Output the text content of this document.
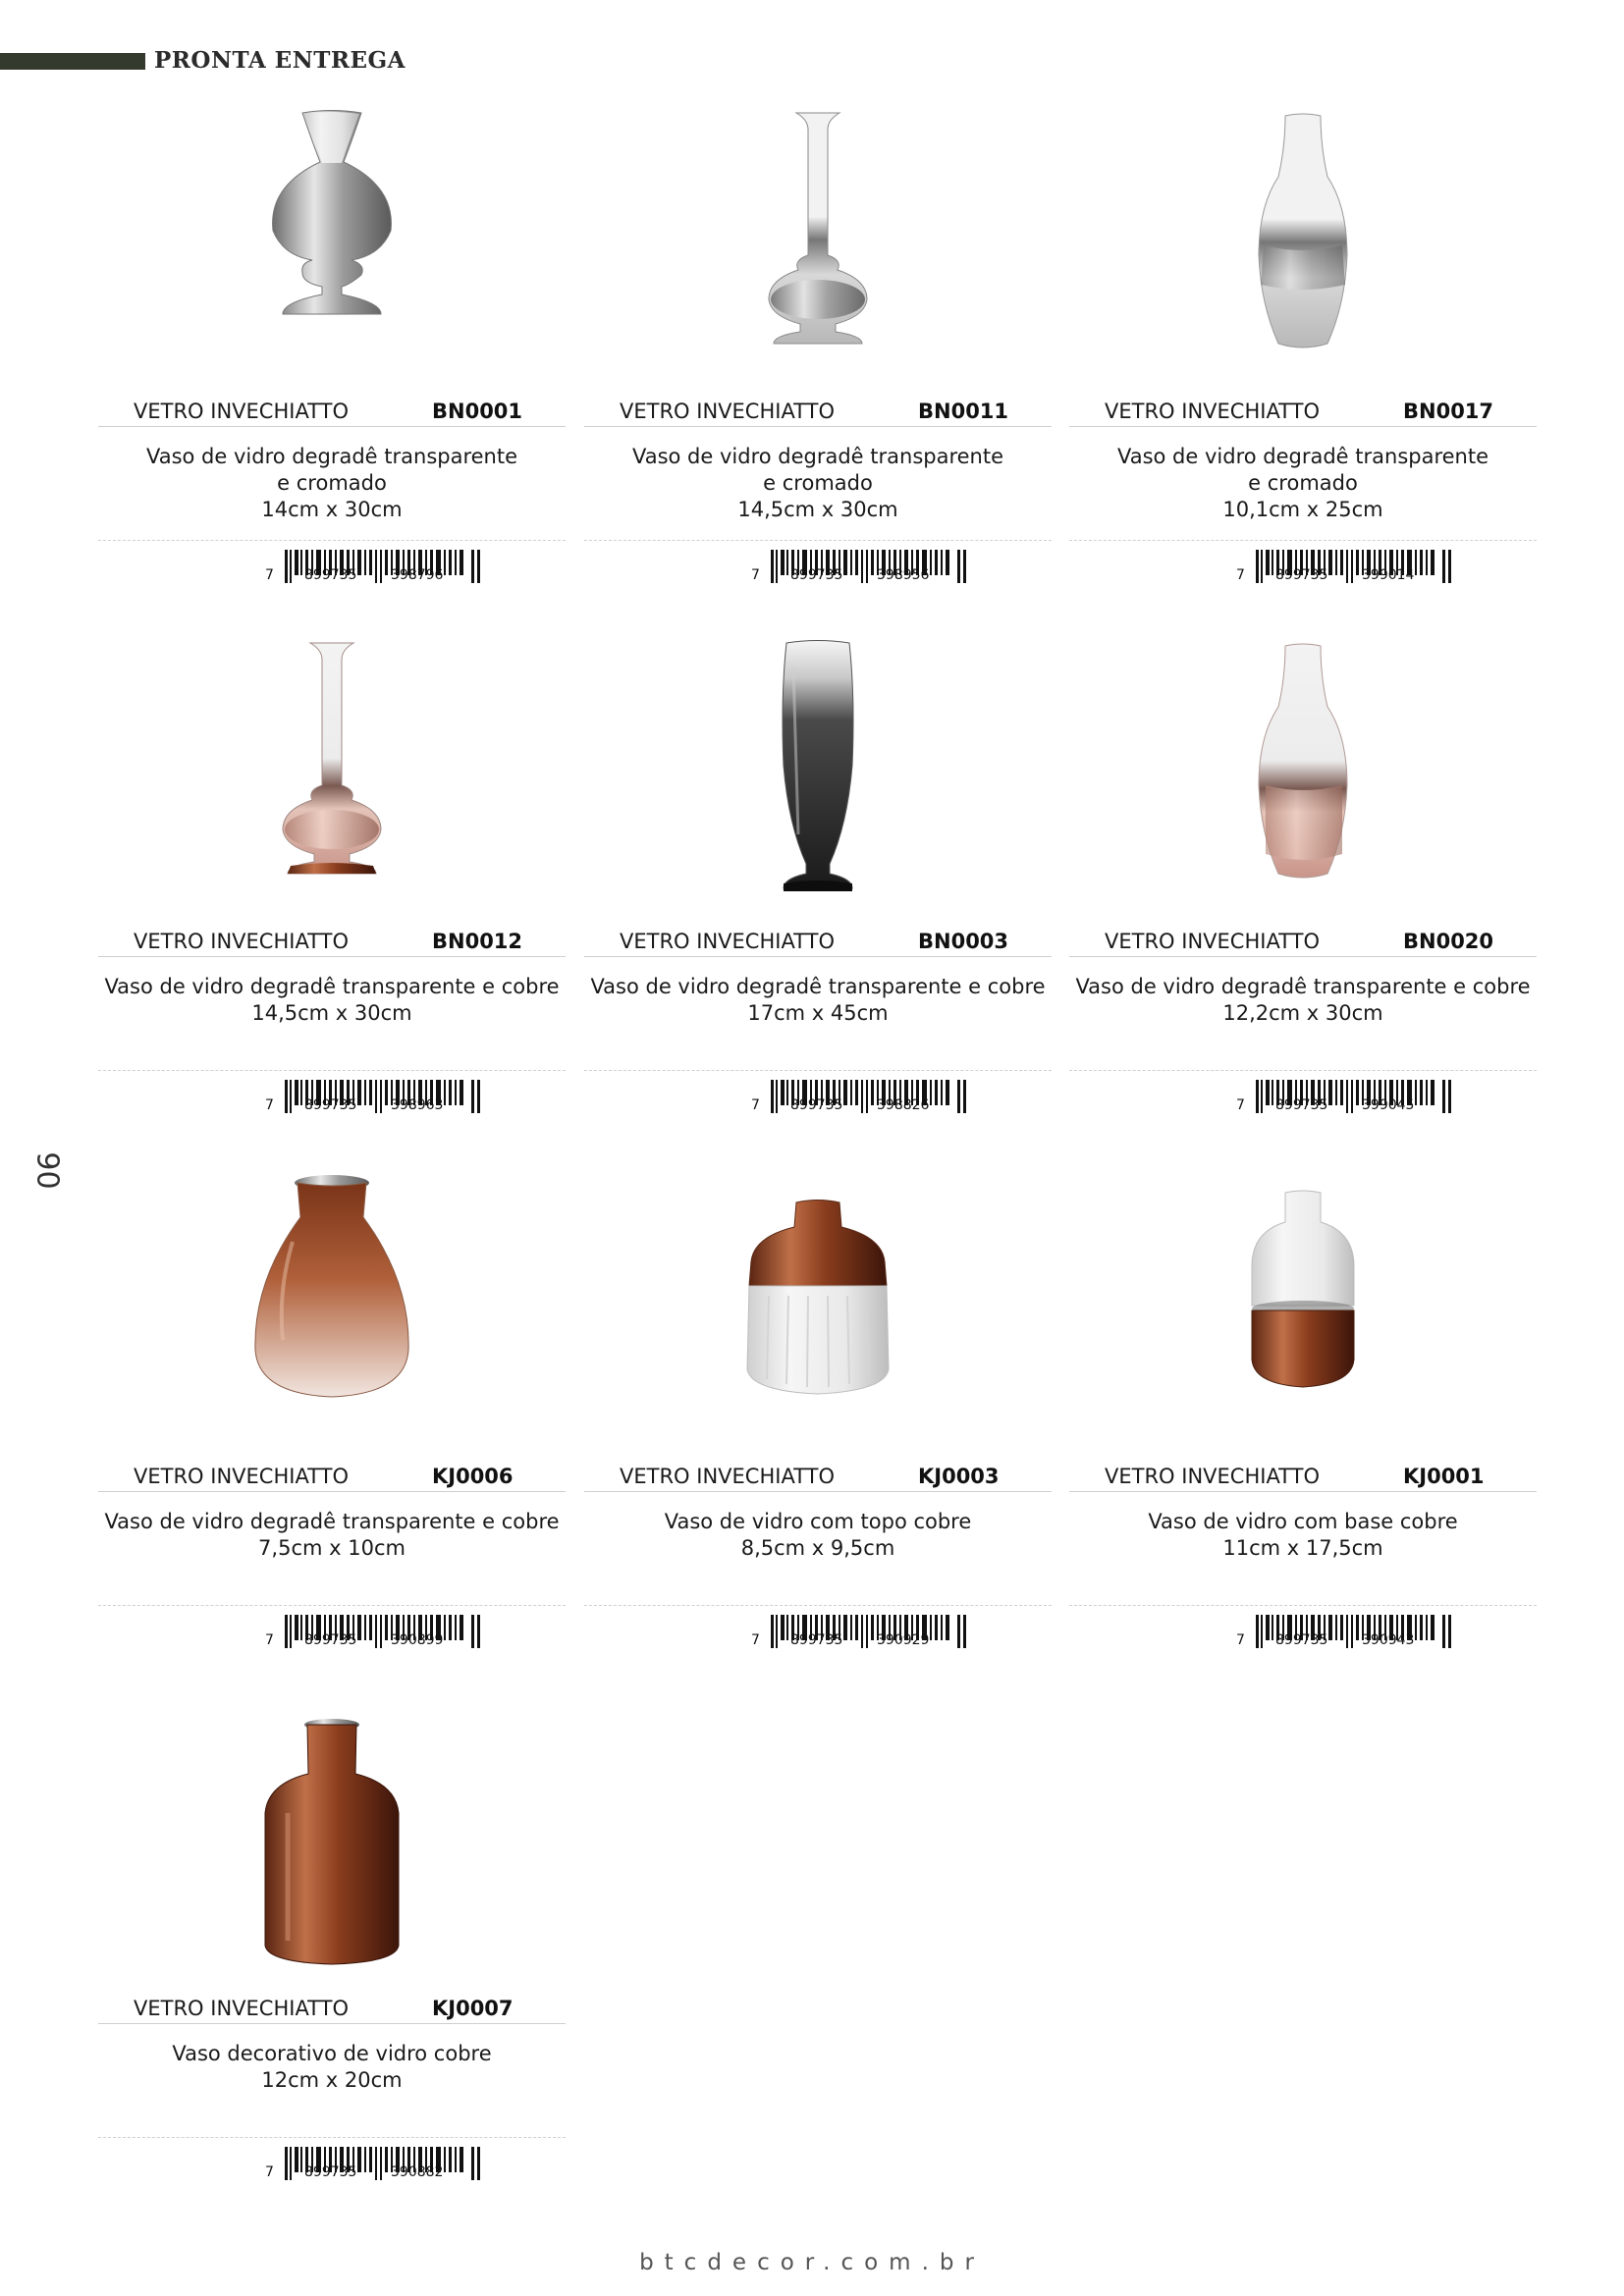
PRONTA ENTREGA
90
VETRO INVECHIATTO	BN0001
Vaso de vidro degradê transparente
e cromado
14cm x 30cm
7 899735 398796
VETRO INVECHIATTO	BN0011
Vaso de vidro degradê transparente
e cromado
14,5cm x 30cm
7 899735 398956
VETRO INVECHIATTO	BN0017
Vaso de vidro degradê transparente
e cromado
10,1cm x 25cm
7 899735 399014
VETRO INVECHIATTO	BN0012
Vaso de vidro degradê transparente e cobre
14,5cm x 30cm
7 899735 398963
VETRO INVECHIATTO	BN0003
Vaso de vidro degradê transparente e cobre
17cm x 45cm
7 899735 398826
VETRO INVECHIATTO	BN0020
Vaso de vidro degradê transparente e cobre
12,2cm x 30cm
7 899735 399045
VETRO INVECHIATTO	KJ0006
Vaso de vidro degradê transparente e cobre
7,5cm x 10cm
7 899735 390899
VETRO INVECHIATTO	KJ0003
Vaso de vidro com topo cobre
8,5cm x 9,5cm
7 899735 390929
VETRO INVECHIATTO	KJ0001
Vaso de vidro com base cobre
11cm x 17,5cm
7 899735 390943
VETRO INVECHIATTO	KJ0007
Vaso decorativo de vidro cobre
12cm x 20cm
7 899735 390882
btcdecor.com.br
